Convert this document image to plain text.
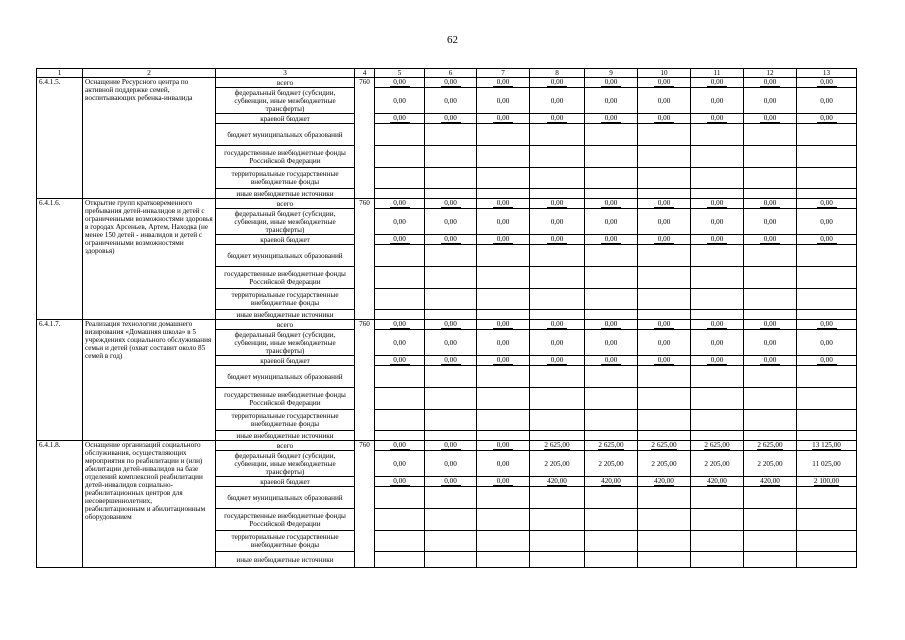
62
1	2	3	4	5	6	7	8	9	10	11	12	13
6.4.1.5.	Оснащение Ресурсного центра по активной поддержке семей, воспитывающих ребенка-инвалида	всего	760	0,00	0,00	0,00	0,00	0,00	0,00	0,00	0,00	0,00
		федеральный бюджет (субсидии, субвенции, иные межбюджетные трансферты)		0,00	0,00	0,00	0,00	0,00	0,00	0,00	0,00	0,00
		краевой бюджет		0,00	0,00	0,00	0,00	0,00	0,00	0,00	0,00	0,00
		бюджет муниципальных образований										
		государственные внебюджетные фонды Российской Федерации										
		территориальные государственные внебюджетные фонды										
		иные внебюджетные источники										
6.4.1.6.	Открытие групп кратковременного пребывания детей-инвалидов и детей с ограниченными возможностями здоровья в городах Арсеньев, Артем, Находка (не менее 150 детей - инвалидов и детей с ограниченными возможностями здоровья)	всего	760	0,00	0,00	0,00	0,00	0,00	0,00	0,00	0,00	0,00
		федеральный бюджет (субсидии, субвенции, иные межбюджетные трансферты)		0,00	0,00	0,00	0,00	0,00	0,00	0,00	0,00	0,00
		краевой бюджет		0,00	0,00	0,00	0,00	0,00	0,00	0,00	0,00	0,00
		бюджет муниципальных образований										
		государственные внебюджетные фонды Российской Федерации										
		территориальные государственные внебюджетные фонды										
		иные внебюджетные источники										
6.4.1.7.	Реализация технологии домашнего визирования «Домашняя школа» в 5 учреждениях социального обслуживания семьи и детей (охват составит около 85 семей в год)	всего	760	0,00	0,00	0,00	0,00	0,00	0,00	0,00	0,00	0,00
		федеральный бюджет (субсидии, субвенции, иные межбюджетные трансферты)		0,00	0,00	0,00	0,00	0,00	0,00	0,00	0,00	0,00
		краевой бюджет		0,00	0,00	0,00	0,00	0,00	0,00	0,00	0,00	0,00
		бюджет муниципальных образований										
		государственные внебюджетные фонды Российской Федерации										
		территориальные государственные внебюджетные фонды										
		иные внебюджетные источники										
6.4.1.8.	Оснащение организаций социального обслуживания, осуществляющих мероприятия по реабилитации и (или) абилитации детей-инвалидов на базе отделений комплексной реабилитации детей-инвалидов социально-реабилитационных центров для несовершеннолетних, реабилитационным и абилитационным оборудованием	всего	760	0,00	0,00	0,00	2 625,00	2 625,00	2 625,00	2 625,00	2 625,00	13 125,00
		федеральный бюджет (субсидии, субвенции, иные межбюджетные трансферты)		0,00	0,00	0,00	2 205,00	2 205,00	2 205,00	2 205,00	2 205,00	11 025,00
		краевой бюджет		0,00	0,00	0,00	420,00	420,00	420,00	420,00	420,00	2 100,00
		бюджет муниципальных образований										
		государственные внебюджетные фонды Российской Федерации										
		территориальные государственные внебюджетные фонды										
		иные внебюджетные источники										
